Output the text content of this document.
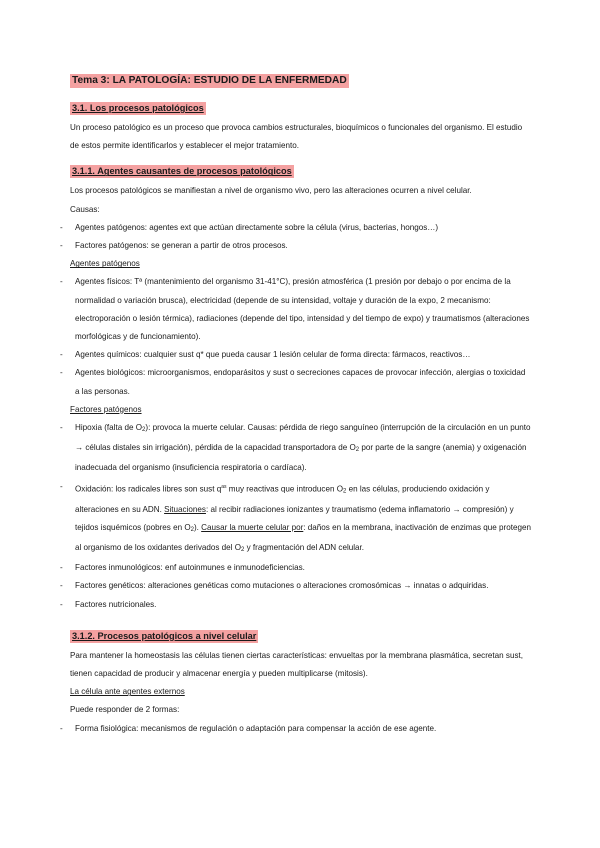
Tema 3: LA PATOLOGÍA: ESTUDIO DE LA ENFERMEDAD
3.1. Los procesos patológicos

Un proceso patológico es un proceso que provoca cambios estructurales, bioquímicos o funcionales del organismo. El estudio de estos permite identificarlos y establecer el mejor tratamiento.

3.1.1. Agentes causantes de procesos patológicos

Los procesos patológicos se manifiestan a nivel de organismo vivo, pero las alteraciones ocurren a nivel celular.

Causas:

- Agentes patógenos: agentes ext que actúan directamente sobre la célula (virus, bacterias, hongos…)
- Factores patógenos: se generan a partir de otros procesos.

Agentes patógenos

- Agentes físicos: Tª (mantenimiento del organismo 31-41°C), presión atmosférica (1 presión por debajo o por encima de la normalidad o variación brusca), electricidad (depende de su intensidad, voltaje y duración de la expo, 2 mecanismo: electroporación o lesión térmica), radiaciones (depende del tipo, intensidad y del tiempo de expo) y traumatismos (alteraciones morfológicas y de funcionamiento).
- Agentes químicos: cualquier sust q* que pueda causar 1 lesión celular de forma directa: fármacos, reactivos…
- Agentes biológicos: microorganismos, endoparásitos y sust o secreciones capaces de provocar infección, alergias o toxicidad a las personas.

Factores patógenos

- Hipoxia (falta de O2): provoca la muerte celular. Causas: pérdida de riego sanguíneo (interrupción de la circulación en un punto → células distales sin irrigación), pérdida de la capacidad transportadora de O2 por parte de la sangre (anemia) y oxigenación inadecuada del organismo (insuficiencia respiratoria o cardíaca).
- Oxidación: los radicales libres son sust $q^{as}$ muy reactivas que introducen O2 en las células, produciendo oxidación y alteraciones en su ADN. Situaciones: al recibir radiaciones ionizantes y traumatismo (edema inflamatorio → compresión) y tejidos isquémicos (pobres en O2). Causar la muerte celular por: daños en la membrana, inactivación de enzimas que protegen al organismo de los oxidantes derivados del O2 y fragmentación del ADN celular.
- Factores inmunológicos: enf autoinmunes e inmunodeficiencias.
- Factores genéticos: alteraciones genéticas como mutaciones o alteraciones cromosómicas → innatas o adquiridas.
- Factores nutricionales.
3.1.2. Procesos patológicos a nivel celular

Para mantener la homeostasis las células tienen ciertas características: envueltas por la membrana plasmática, secretan sust, tienen capacidad de producir y almacenar energía y pueden multiplicarse (mitosis).

La célula ante agentes externos

Puede responder de 2 formas:

- Forma fisiológica: mecanismos de regulación o adaptación para compensar la acción de ese agente.
